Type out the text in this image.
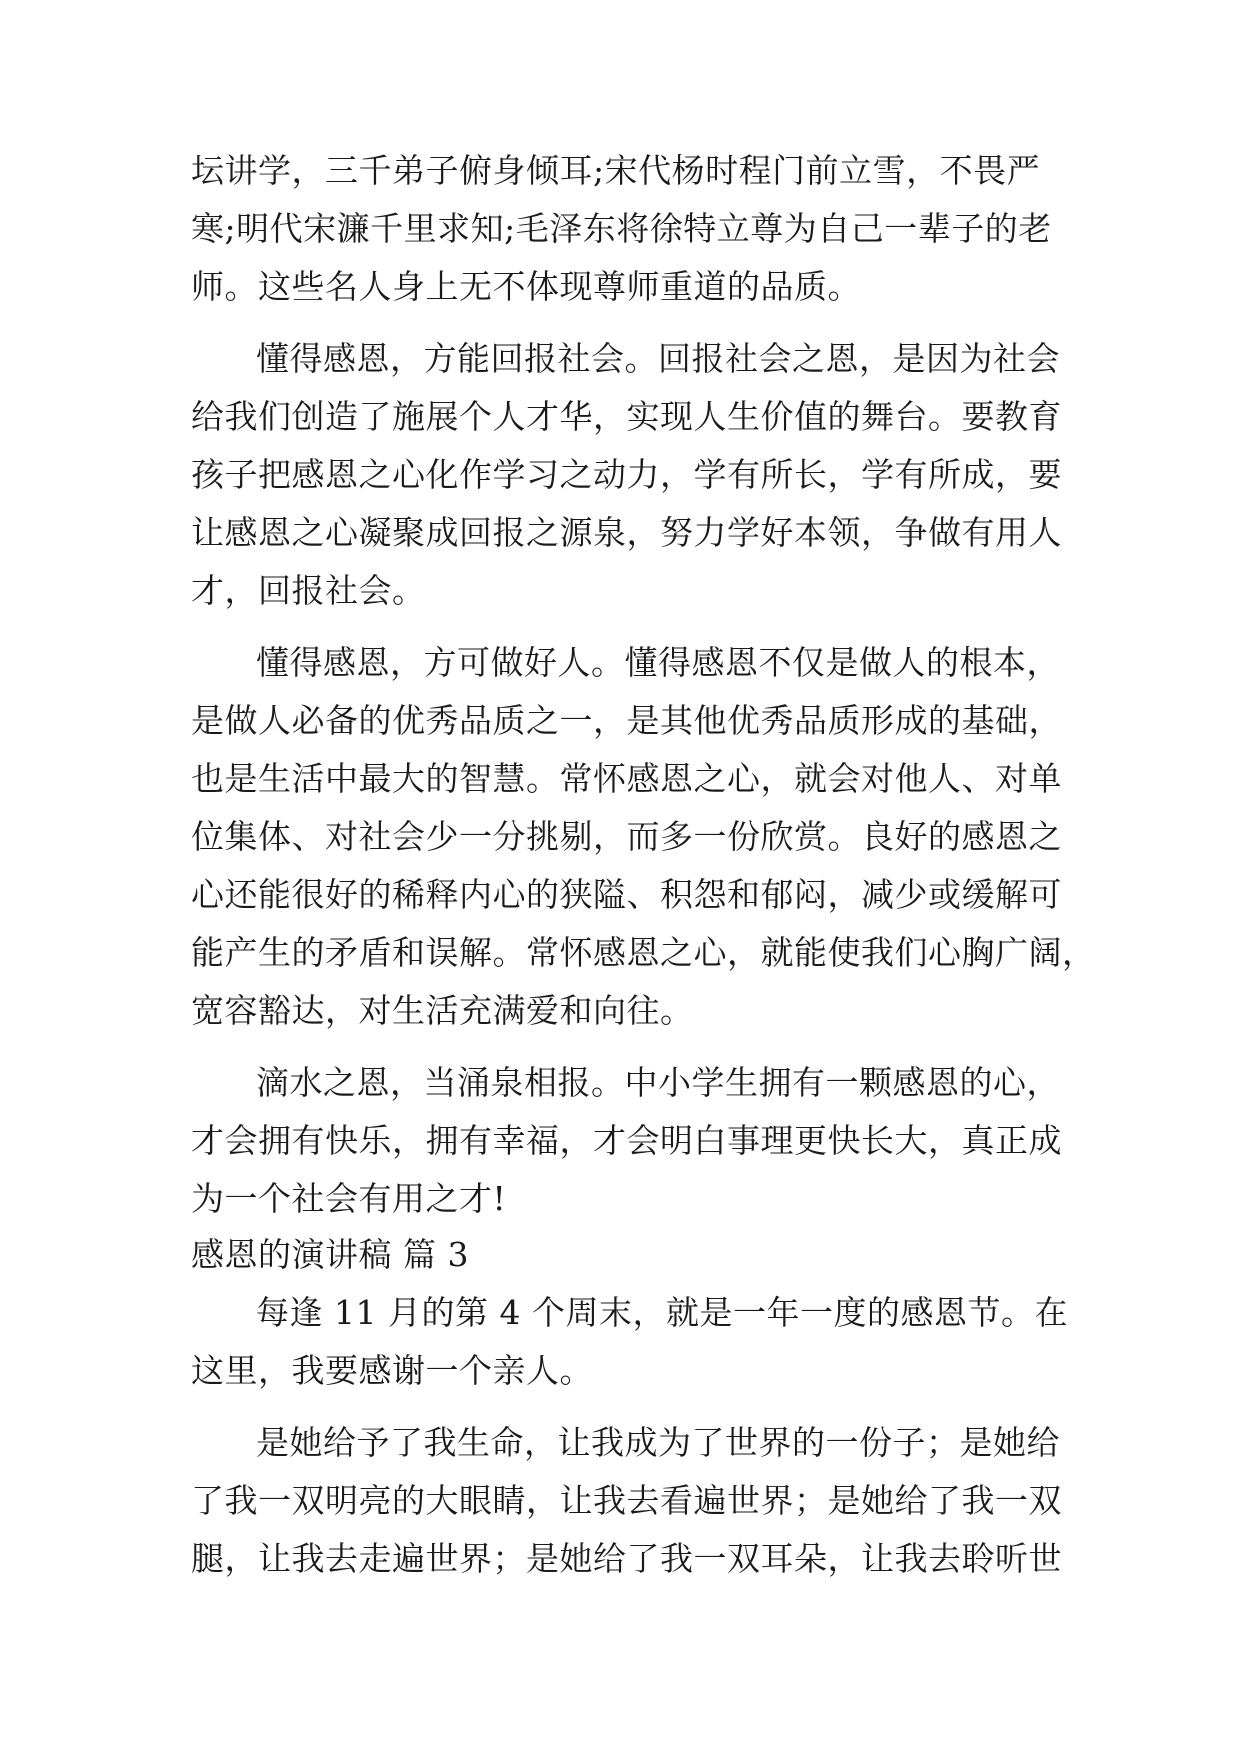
坛讲学，三千弟子俯身倾耳;宋代杨时程门前立雪，不畏严
寒;明代宋濂千里求知;毛泽东将徐特立尊为自己一辈子的老
师。这些名人身上无不体现尊师重道的品质。
懂得感恩，方能回报社会。回报社会之恩，是因为社会
给我们创造了施展个人才华，实现人生价值的舞台。要教育
孩子把感恩之心化作学习之动力，学有所长，学有所成，要
让感恩之心凝聚成回报之源泉，努力学好本领，争做有用人
才，回报社会。
懂得感恩，方可做好人。懂得感恩不仅是做人的根本，
是做人必备的优秀品质之一，是其他优秀品质形成的基础，
也是生活中最大的智慧。常怀感恩之心，就会对他人、对单
位集体、对社会少一分挑剔，而多一份欣赏。良好的感恩之
心还能很好的稀释内心的狭隘、积怨和郁闷，减少或缓解可
能产生的矛盾和误解。常怀感恩之心，就能使我们心胸广阔，
宽容豁达，对生活充满爱和向往。
滴水之恩，当涌泉相报。中小学生拥有一颗感恩的心，
才会拥有快乐，拥有幸福，才会明白事理更快长大，真正成
为一个社会有用之才!
感恩的演讲稿 篇 3
每逢 11 月的第 4 个周末，就是一年一度的感恩节。在
这里，我要感谢一个亲人。
是她给予了我生命，让我成为了世界的一份子；是她给
了我一双明亮的大眼睛，让我去看遍世界；是她给了我一双
腿，让我去走遍世界；是她给了我一双耳朵，让我去聆听世
